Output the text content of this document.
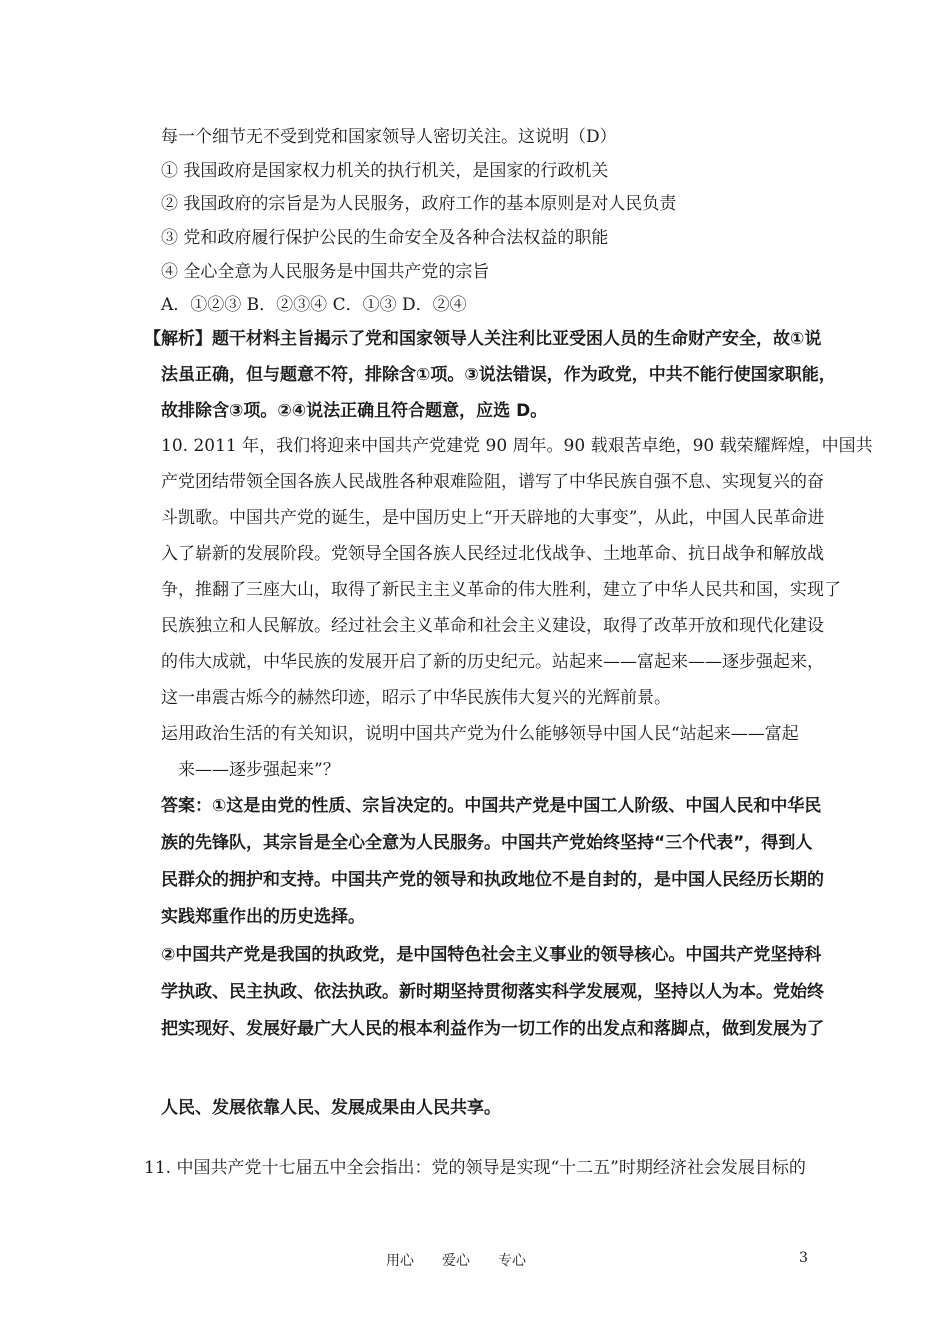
每一个细节无不受到党和国家领导人密切关注。这说明（D）
① 我国政府是国家权力机关的执行机关，是国家的行政机关
② 我国政府的宗旨是为人民服务，政府工作的基本原则是对人民负责
③ 党和政府履行保护公民的生命安全及各种合法权益的职能
④ 全心全意为人民服务是中国共产党的宗旨
A．①②③ B．②③④ C．①③ D．②④
【解析】题干材料主旨揭示了党和国家领导人关注利比亚受困人员的生命财产安全，故①说
法虽正确，但与题意不符，排除含①项。③说法错误，作为政党，中共不能行使国家职能，
故排除含③项。②④说法正确且符合题意，应选 D。
10. 2011 年，我们将迎来中国共产党建党 90 周年。90 载艰苦卓绝，90 载荣耀辉煌，中国共
产党团结带领全国各族人民战胜各种艰难险阻，谱写了中华民族自强不息、实现复兴的奋
斗凯歌。中国共产党的诞生，是中国历史上“开天辟地的大事变”，从此，中国人民革命进
入了崭新的发展阶段。党领导全国各族人民经过北伐战争、土地革命、抗日战争和解放战
争，推翻了三座大山，取得了新民主主义革命的伟大胜利，建立了中华人民共和国，实现了
民族独立和人民解放。经过社会主义革命和社会主义建设，取得了改革开放和现代化建设
的伟大成就，中华民族的发展开启了新的历史纪元。站起来——富起来——逐步强起来，
这一串震古烁今的赫然印迹，昭示了中华民族伟大复兴的光辉前景。
运用政治生活的有关知识，说明中国共产党为什么能够领导中国人民“站起来——富起
来——逐步强起来”？
答案：①这是由党的性质、宗旨决定的。中国共产党是中国工人阶级、中国人民和中华民
族的先锋队，其宗旨是全心全意为人民服务。中国共产党始终坚持“三个代表”，得到人
民群众的拥护和支持。中国共产党的领导和执政地位不是自封的，是中国人民经历长期的
实践郑重作出的历史选择。
②中国共产党是我国的执政党，是中国特色社会主义事业的领导核心。中国共产党坚持科
学执政、民主执政、依法执政。新时期坚持贯彻落实科学发展观，坚持以人为本。党始终
把实现好、发展好最广大人民的根本利益作为一切工作的出发点和落脚点，做到发展为了
人民、发展依靠人民、发展成果由人民共享。
11. 中国共产党十七届五中全会指出：党的领导是实现“十二五”时期经济社会发展目标的
用心　　爱心　　专心	3
